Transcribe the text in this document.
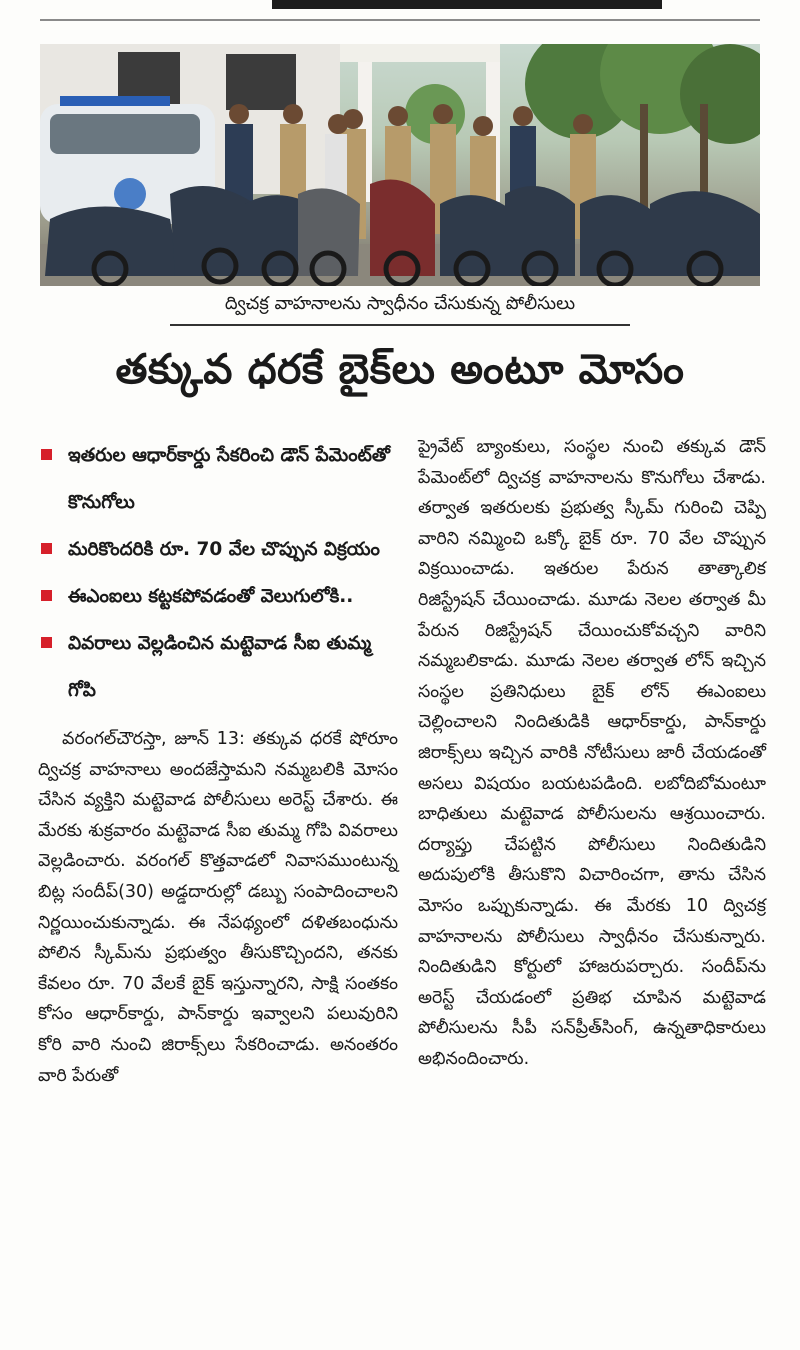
ద్విచక్ర వాహనాలను స్వాధీనం చేసుకున్న పోలీసులు
తక్కువ ధరకే బైక్‌లు అంటూ మోసం
ఇతరుల ఆధార్‌కార్డు సేకరించి డౌన్ పేమెంట్‌తో కొనుగోలు
మరికొందరికి రూ. 70 వేల చొప్పున విక్రయం
ఈఎంఐలు కట్టకపోవడంతో వెలుగులోకి..
వివరాలు వెల్లడించిన మట్టెవాడ సీఐ తుమ్మ గోపి

వరంగల్‌చౌరస్తా, జూన్ 13: తక్కువ ధరకే షోరూం ద్విచక్ర వాహనాలు అందజేస్తామని నమ్మబలికి మోసం చేసిన వ్యక్తిని మట్టెవాడ పోలీసులు అరెస్ట్ చేశారు. ఈ మేరకు శుక్రవారం మట్టెవాడ సీఐ తుమ్మ గోపి వివరాలు వెల్లడించారు. వరంగల్ కొత్తవాడలో నివాసముంటున్న బిట్ల సందీప్(30) అడ్డదారుల్లో డబ్బు సంపాదించాలని నిర్ణయించుకున్నాడు. ఈ నేపథ్యంలో దళితబంధును పోలిన స్కీమ్‌ను ప్రభుత్వం తీసుకొచ్చిందని, తనకు కేవలం రూ. 70 వేలకే బైక్ ఇస్తున్నారని, సాక్షి సంతకం కోసం ఆధార్‌కార్డు, పాన్‌కార్డు ఇవ్వాలని పలువురిని కోరి వారి నుంచి జిరాక్స్‌లు సేకరించాడు. అనంతరం వారి పేరుతో

ప్రైవేట్ బ్యాంకులు, సంస్థల నుంచి తక్కువ డౌన్ పేమెంట్‌లో ద్విచక్ర వాహనాలను కొనుగోలు చేశాడు. తర్వాత ఇతరులకు ప్రభుత్వ స్కీమ్ గురించి చెప్పి వారిని నమ్మించి ఒక్కో బైక్ రూ. 70 వేల చొప్పున విక్రయించాడు. ఇతరుల పేరున తాత్కాలిక రిజిస్ట్రేషన్ చేయించాడు. మూడు నెలల తర్వాత మీ పేరున రిజిస్ట్రేషన్ చేయించుకోవచ్చని వారిని నమ్మబలికాడు. మూడు నెలల తర్వాత లోన్ ఇచ్చిన సంస్థల ప్రతినిధులు బైక్ లోన్ ఈఎంఐలు చెల్లించాలని నిందితుడికి ఆధార్‌కార్డు, పాన్‌కార్డు జిరాక్స్‌లు ఇచ్చిన వారికి నోటీసులు జారీ చేయడంతో అసలు విషయం బయటపడింది. లబోదిబోమంటూ బాధితులు మట్టెవాడ పోలీసులను ఆశ్రయించారు. దర్యాప్తు చేపట్టిన పోలీసులు నిందితుడిని అదుపులోకి తీసుకొని విచారించగా, తాను చేసిన మోసం ఒప్పుకున్నాడు. ఈ మేరకు 10 ద్విచక్ర వాహనాలను పోలీసులు స్వాధీనం చేసుకున్నారు. నిందితుడిని కోర్టులో హాజరుపర్చారు. సందీప్‌ను అరెస్ట్ చేయడంలో ప్రతిభ చూపిన మట్టెవాడ పోలీసులను సీపీ సన్‌ప్రీత్‌సింగ్, ఉన్నతాధికారులు అభినందించారు.
